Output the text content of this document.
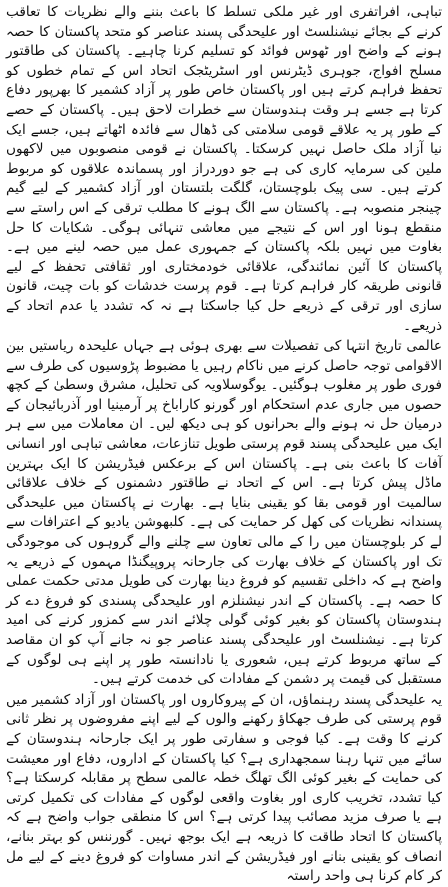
تباہی، افراتفری اور غیر ملکی تسلط کا باعث بننے والے نظریات کا تعاقب کرنے کے بجائے نیشنلسٹ اور علیحدگی پسند عناصر کو متحد پاکستان کا حصہ ہونے کے واضح اور ٹھوس فوائد کو تسلیم کرنا چاہیے۔ پاکستان کی طاقتور مسلح افواج، جوہری ڈیٹرنس اور اسٹریٹجک اتحاد اس کے تمام خطوں کو تحفظ فراہم کرتے ہیں اور پاکستان خاص طور پر آزاد کشمیر کا بھرپور دفاع کرتا ہے جسے ہر وقت ہندوستان سے خطرات لاحق ہیں۔ پاکستان کے حصے کے طور پر یہ علاقے قومی سلامتی کی ڈھال سے فائدہ اٹھاتے ہیں، جسے ایک نیا آزاد ملک حاصل نہیں کرسکتا۔ پاکستان نے قومی منصوبوں میں لاکھوں ملین کی سرمایہ کاری کی ہے جو دوردراز اور پسماندہ علاقوں کو مربوط کرتے ہیں۔ سی پیک بلوچستان، گلگت بلتستان اور آزاد کشمیر کے لیے گیم چینجر منصوبہ ہے۔ پاکستان سے الگ ہونے کا مطلب ترقی کے اس راستے سے منقطع ہونا اور اس کے نتیجے میں معاشی تنہائی ہوگی۔ شکایات کا حل بغاوت میں نہیں بلکہ پاکستان کے جمہوری عمل میں حصہ لینے میں ہے۔ پاکستان کا آئین نمائندگی، علاقائی خودمختاری اور ثقافتی تحفظ کے لیے قانونی طریقہ کار فراہم کرتا ہے۔ قوم پرست خدشات کو بات چیت، قانون سازی اور ترقی کے ذریعے حل کیا جاسکتا ہے نہ کہ تشدد یا عدم اتحاد کے ذریعے۔

عالمی تاریخ انتہا کی تفصیلات سے بھری ہوئی ہے جہاں علیحدہ ریاستیں بین الاقوامی توجہ حاصل کرنے میں ناکام رہیں یا مضبوط پڑوسیوں کی طرف سے فوری طور پر مغلوب ہوگئیں۔ یوگوسلاویہ کی تحلیل، مشرق وسطیٰ کے کچھ حصوں میں جاری عدم استحکام اور گورنو کاراباخ پر آرمینیا اور آذربائیجان کے درمیان حل نہ ہونے والے بحرانوں کو ہی دیکھ لیں۔ ان معاملات میں سے ہر ایک میں علیحدگی پسند قوم پرستی طویل تنازعات، معاشی تباہی اور انسانی آفات کا باعث بنی ہے۔ پاکستان اس کے برعکس فیڈریشن کا ایک بہترین ماڈل پیش کرتا ہے۔ اس کے اتحاد نے طاقتور دشمنوں کے خلاف علاقائی سالمیت اور قومی بقا کو یقینی بنایا ہے۔ بھارت نے پاکستان میں علیحدگی پسندانہ نظریات کی کھل کر حمایت کی ہے۔ کلبھوشن یادیو کے اعترافات سے لے کر بلوچستان میں را کے مالی تعاون سے چلنے والے گروہوں کی موجودگی تک اور پاکستان کے خلاف بھارت کی جارحانہ پروپیگنڈا مہموں کے ذریعے یہ واضح ہے کہ داخلی تقسیم کو فروغ دینا بھارت کی طویل مدتی حکمت عملی کا حصہ ہے۔ پاکستان کے اندر نیشنلزم اور علیحدگی پسندی کو فروغ دے کر ہندوستان پاکستان کو بغیر کوئی گولی چلائے اندر سے کمزور کرنے کی امید کرتا ہے۔ نیشنلسٹ اور علیحدگی پسند عناصر جو نہ جانے آپ کو ان مقاصد کے ساتھ مربوط کرتے ہیں، شعوری یا نادانستہ طور پر اپنے ہی لوگوں کے مستقبل کی قیمت پر دشمن کے مفادات کی خدمت کرتے ہیں۔

یہ علیحدگی پسند رہنماؤں، ان کے پیروکاروں اور پاکستان اور آزاد کشمیر میں قوم پرستی کی طرف جھکاؤ رکھنے والوں کے لیے اپنے مفروضوں پر نظر ثانی کرنے کا وقت ہے۔ کیا فوجی و سفارتی طور پر ایک جارحانہ ہندوستان کے سائے میں تنہا رہنا سمجھداری ہے؟ کیا پاکستان کے اداروں، دفاع اور معیشت کی حمایت کے بغیر کوئی الگ تھلگ خطہ عالمی سطح پر مقابلہ کرسکتا ہے؟ کیا تشدد، تخریب کاری اور بغاوت واقعی لوگوں کے مفادات کی تکمیل کرتی ہے یا صرف مزید مصائب پیدا کرتی ہے؟ اس کا منطقی جواب واضح ہے کہ پاکستان کا اتحاد طاقت کا ذریعہ ہے ایک بوجھ نہیں۔ گورننس کو بہتر بنانے، انصاف کو یقینی بنانے اور فیڈریشن کے اندر مساوات کو فروغ دینے کے لیے مل کر کام کرنا ہی واحد راستہ
